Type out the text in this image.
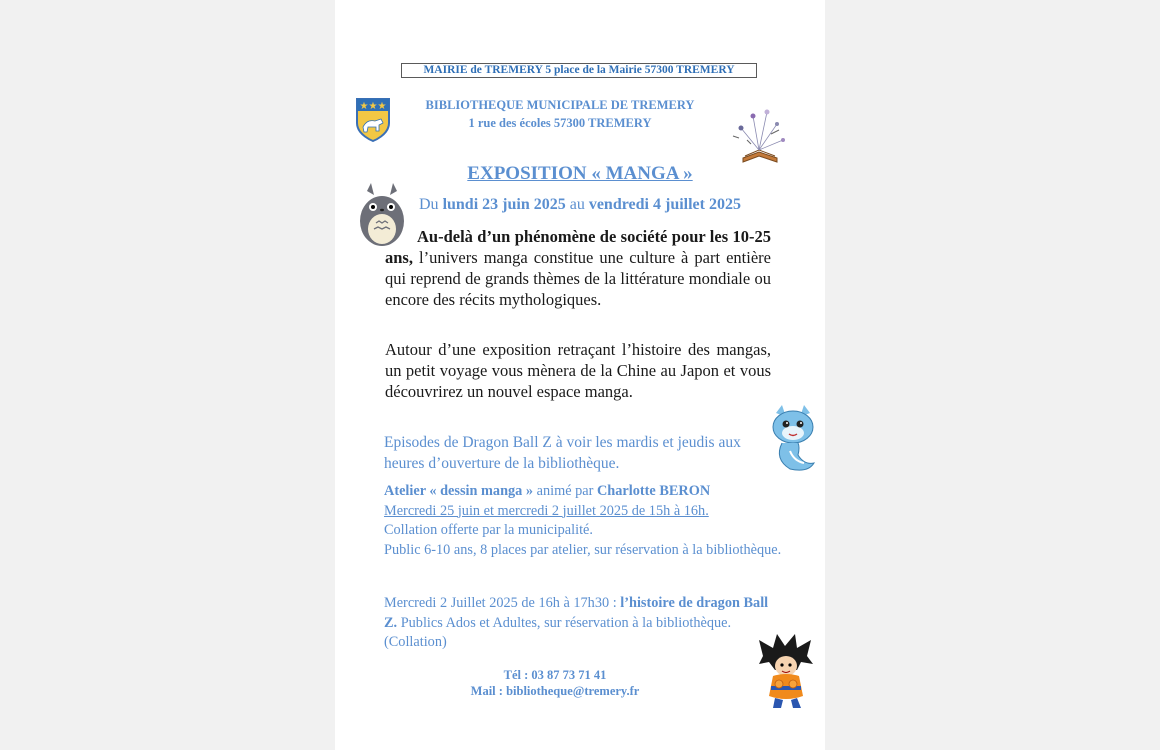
MAIRIE de TREMERY 5 place de la Mairie 57300 TREMERY
★★★	BIBLIOTHEQUE MUNICIPALE DE TREMERY
1 rue des écoles 57300 TREMERY
EXPOSITION « MANGA »
Du lundi 23 juin 2025 au vendredi 4 juillet 2025
Au-delà d’un phénomène de société pour les 10-25 ans, l’univers manga constitue une culture à part entière qui reprend de grands thèmes de la littérature mondiale ou encore des récits mythologiques.
Autour d’une exposition retraçant l’histoire des mangas, un petit voyage vous mènera de la Chine au Japon et vous découvrirez un nouvel espace manga.
Episodes de Dragon Ball Z à voir les mardis et jeudis aux heures d’ouverture de la bibliothèque.
Atelier « dessin manga » animé par Charlotte BERON
Mercredi 25 juin et mercredi 2 juillet 2025 de 15h à 16h.
Collation offerte par la municipalité.
Public 6-10 ans, 8 places par atelier, sur réservation à la bibliothèque.
Mercredi 2 Juillet 2025 de 16h à 17h30 : l’histoire de dragon Ball Z. Publics Ados et Adultes, sur réservation à la bibliothèque. (Collation)
Tél : 03 87 73 71 41
Mail : bibliotheque@tremery.fr
